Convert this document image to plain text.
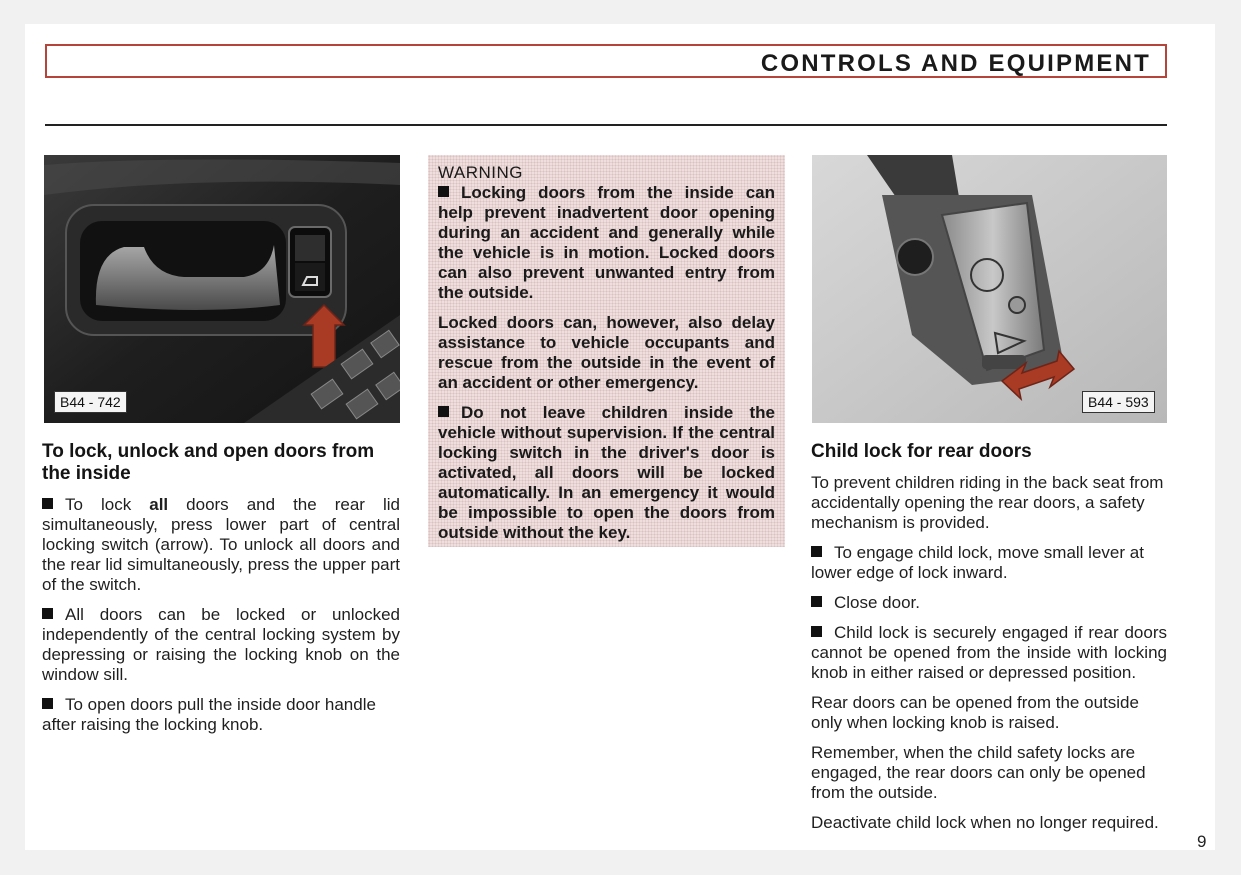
CONTROLS AND EQUIPMENT
B44 - 742
To lock, unlock and open doors from the inside

To lock all doors and the rear lid simultaneously, press lower part of central locking switch (arrow). To unlock all doors and the rear lid simultaneously, press the upper part of the switch.

All doors can be locked or unlocked independently of the central locking system by depressing or raising the locking knob on the window sill.

To open doors pull the inside door handle after raising the locking knob.

WARNING

Locking doors from the inside can help prevent inadvertent door opening during an accident and generally while the vehicle is in motion. Locked doors can also prevent unwanted entry from the outside.

Locked doors can, however, also delay assistance to vehicle occupants and rescue from the outside in the event of an accident or other emergency.

Do not leave children inside the vehicle without supervision. If the central locking switch in the driver's door is activated, all doors will be locked automatically. In an emergency it would be impossible to open the doors from outside without the key.

B44 - 593
Child lock for rear doors

To prevent children riding in the back seat from accidentally opening the rear doors, a safety mechanism is provided.

To engage child lock, move small lever at lower edge of lock inward.

Close door.

Child lock is securely engaged if rear doors cannot be opened from the inside with locking knob in either raised or depressed position.

Rear doors can be opened from the outside only when locking knob is raised.

Remember, when the child safety locks are engaged, the rear doors can only be opened from the outside.

Deactivate child lock when no longer required.

9
